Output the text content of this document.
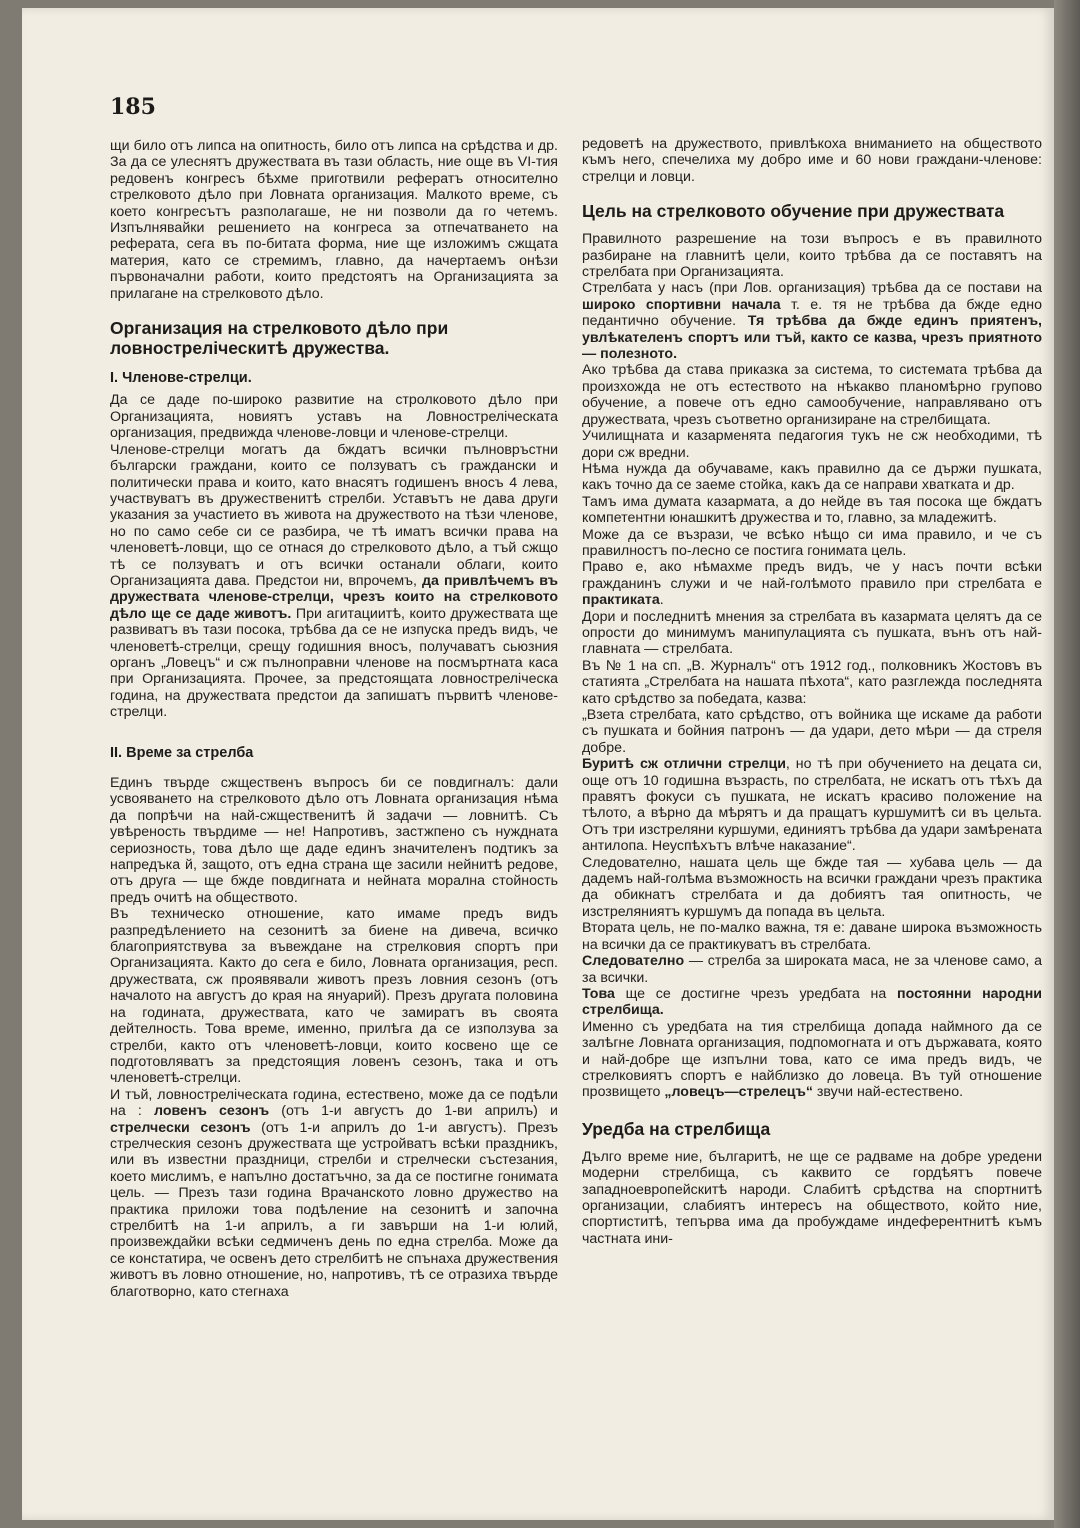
185

щи било отъ липса на опитность, било отъ липса на срѣдства и др. За да се улеснятъ дружествата въ тази область, ние още въ VI-тия редовенъ конгресъ бѣхме приготвили рефератъ относително стрелковото дѣло при Ловната организация. Малкото време, съ което конгресътъ разполагаше, не ни позволи да го четемъ. Изпълнявайки решението на конгреса за отпечатването на реферата, сега въ по-битата форма, ние ще изложимъ сжщата материя, като се стремимъ, главно, да начертаемъ онѣзи първоначални работи, които предстоятъ на Организацията за прилагане на стрелковото дѣло.

Организация на стрелковото дѣло при ловностреліческитѣ дружества.
I. Членове-стрелци.

Да се даде по-широко развитие на стролковото дѣло при Организацията, новиятъ уставъ на Ловностреліческата организация, предвижда членове-ловци и членове-стрелци.

Членове-стрелци могатъ да бждатъ всички пълновръстни български граждани, които се ползуватъ съ граждански и политически права и които, като внасятъ годишенъ вносъ 4 лева, участвуватъ въ дружественитѣ стрелби. Уставътъ не дава други указания за участието въ живота на дружеството на тѣзи членове, но по само себе си се разбира, че тѣ иматъ всички права на членоветѣ-ловци, що се отнася до стрелковото дѣло, а тъй сжщо тѣ се ползуватъ и отъ всички останали облаги, които Организацията дава. Предстои ни, впрочемъ, да привлѣчемъ въ дружествата членове-стрелци, чрезъ които на стрелковото дѣло ще се даде животъ. При агитациитѣ, които дружествата ще развиватъ въ тази посока, трѣбва да се не изпуска предъ видъ, че членоветѣ-стрелци, срещу годишния вносъ, получаватъ сьюзния органъ „Ловецъ“ и сж пълноправни членове на посмъртната каса при Организацията. Прочее, за предстоящата ловностреліческа година, на дружествата предстои да запишатъ първитѣ членове-стрелци.

II. Време за стрелба

Единъ твърде сжщественъ въпросъ би се повдигналъ: дали усвояването на стрелковото дѣло отъ Ловната организация нѣма да попрѣчи на най-сжщественитѣ й задачи — ловнитѣ. Съ увѣреность твърдиме — не! Напротивъ, застжпено съ нуждната сериозность, това дѣло ще даде единъ значителенъ подтикъ за напредъка й, защото, отъ една страна ще засили нейнитѣ редове, отъ друга — ще бжде повдигната и нейната морална стойность предъ очитѣ на обществото.

Въ техническо отношение, като имаме предъ видъ разпредѣлението на сезонитѣ за биене на дивеча, всичко благоприятствува за въвеждане на стрелковия спортъ при Организацията. Както до сега е било, Ловната организация, респ. дружествата, сж проявявали животъ презъ ловния сезонъ (отъ началото на августъ до края на януарий). Презъ другата половина на годината, дружествата, като че замиратъ въ своята дейтелность. Това време, именно, прилѣга да се използува за стрелби, както отъ членоветѣ-ловци, които косвено ще се подготовляватъ за предстоящия ловенъ сезонъ, така и отъ членоветѣ-стрелци.

И тъй, ловностреліческата година, естествено, може да се подѣли на : ловенъ сезонъ (отъ 1-и августъ до 1-ви априлъ) и стрелчески сезонъ (отъ 1-и априлъ до 1-и августъ). Презъ стрелческия сезонъ дружествата ще устройватъ всѣки праздникъ, или въ известни праздници, стрелби и стрелчески състезания, което мислимъ, е напълно достатъчно, за да се постигне гонимата цель. — Презъ тази година Врачанското ловно дружество на практика приложи това подѣление на сезонитѣ и започна стрелбитѣ на 1-и априлъ, а ги завърши на 1-и юлий, произвеждайки всѣки седмиченъ день по една стрелба. Може да се констатира, че освенъ дето стрелбитѣ не спънаха дружествения животъ въ ловно отношение, но, напротивъ, тѣ се отразиха твърде благотворно, като стегнаха

редоветѣ на дружеството, привлѣкоха вниманието на обществото къмъ него, спечелиха му добро име и 60 нови граждани-членове: стрелци и ловци.

Цель на стрелковото обучение при дружествата

Правилното разрешение на този въпросъ е въ правилното разбиране на главнитѣ цели, които трѣбва да се поставятъ на стрелбата при Организацията.

Стрелбата у насъ (при Лов. организация) трѣбва да се постави на широко спортивни начала т. е. тя не трѣбва да бжде едно педантично обучение. Тя трѣбва да бжде единъ приятенъ, увлѣкателенъ спортъ или тъй, както се казва, чрезъ приятното — полезното.

Ако трѣбва да става приказка за система, то системата трѣбва да произхожда не отъ естеството на нѣкакво планомѣрно групово обучение, а повече отъ едно самообучение, направлявано отъ дружествата, чрезъ съответно организиране на стрелбищата.

Училищната и казарменята педагогия тукъ не сж необходими, тѣ дори сж вредни.

Нѣма нужда да обучаваме, какъ правилно да се държи пушката, какъ точно да се заеме стойка, какъ да се направи хватката и др.

Тамъ има думата казармата, а до нейде въ тая посока ще бждатъ компетентни юнашкитѣ дружества и то, главно, за младежитѣ.

Може да се възрази, че всѣко нѣщо си има правило, и че съ правилностъ по-лесно се постига гонимата цель.

Право е, ако нѣмахме предъ видъ, че у насъ почти всѣки гражданинъ служи и че най-голѣмото правило при стрелбата е практиката.

Дори и последнитѣ мнения за стрелбата въ казармата целятъ да се опрости до минимумъ манипулацията съ пушката, вънъ отъ най-главната — стрелбата.

Въ № 1 на сп. „В. Журналъ“ отъ 1912 год., полковникъ Жостовъ въ статията „Стрелбата на нашата пѣхота“, като разглежда последнята като срѣдство за победата, казва:

„Взета стрелбата, като срѣдство, отъ войника ще искаме да работи съ пушката и бойния патронъ — да удари, дето мѣри — да стреля добре.

Буритѣ сж отлични стрелци, но тѣ при обучението на децата си, още отъ 10 годишна възрасть, по стрелбата, не искатъ отъ тѣхъ да правятъ фокуси съ пушката, не искатъ красиво положение на тѣлото, а вѣрно да мѣрятъ и да пращатъ куршумитѣ си въ цельта. Отъ три изстреляни куршуми, единиятъ трѣбва да удари замѣрената антилопа. Неуспѣхътъ влѣче наказание“.

Следователно, нашата цель ще бжде тая — хубава цель — да дадемъ най-голѣма възможность на всички граждани чрезъ практика да обикнатъ стрелбата и да добиятъ тая опитность, че изстреляниятъ куршумъ да попада въ цельта.

Втората цель, не по-малко важна, тя е: даване широка възможность на всички да се практикуватъ въ стрелбата.

Следователно — стрелба за широката маса, не за членове само, а за всички.

Това ще се достигне чрезъ уредбата на постоянни народни стрелбища.

Именно съ уредбата на тия стрелбища допада наймного да се залѣгне Ловната организация, подпомогната и отъ държавата, която и най-добре ще изпълни това, като се има предъ видъ, че стрелковиятъ спортъ е найблизко до ловеца. Въ туй отношение прозвището „ловецъ—стрелецъ“ звучи най-естествено.

Уредба на стрелбища

Дълго време ние, българитѣ, не ще се радваме на добре уредени модерни стрелбища, съ каквито се гордѣятъ повече западноевропейскитѣ народи. Слабитѣ срѣдства на спортнитѣ организации, слабиятъ интересъ на обществото, който ние, спортиститѣ, тепърва има да пробуждаме индеферентнитѣ къмъ частната ини-
